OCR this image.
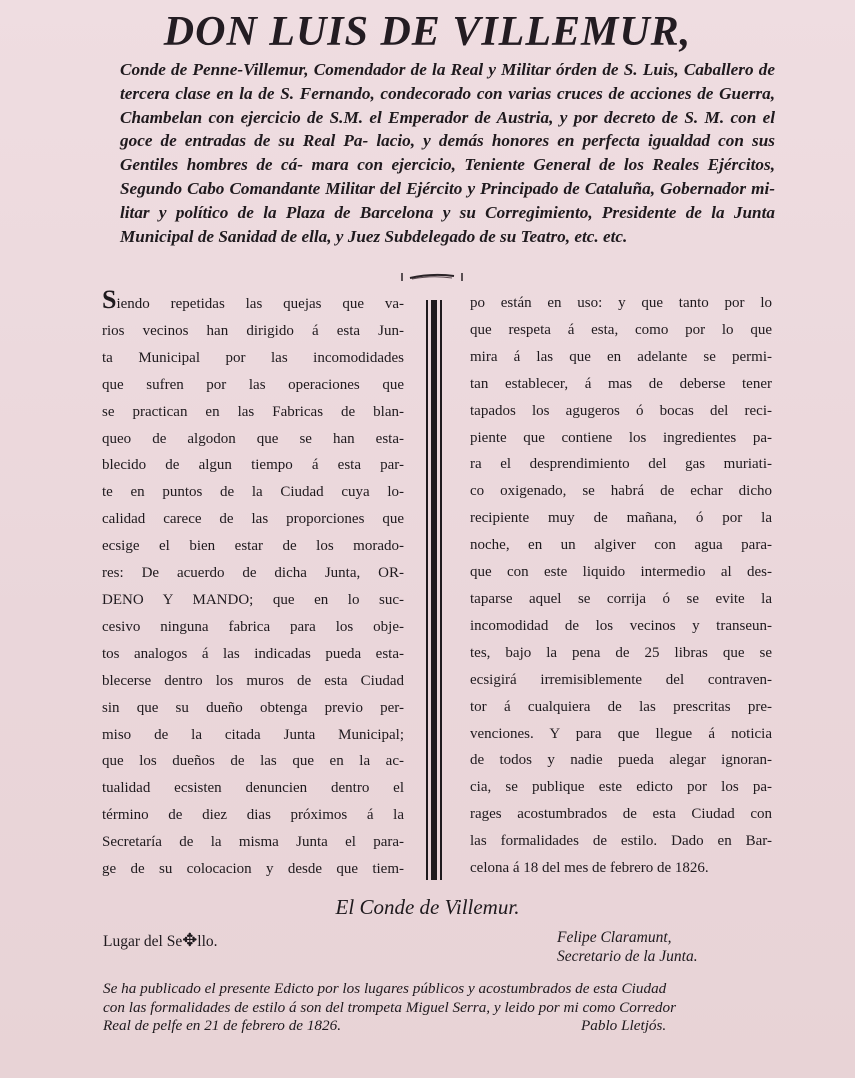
DON LUIS DE VILLEMUR,
Conde de Penne-Villemur, Comendador de la Real y Militar órden de S. Luis, Caballero de tercera clase en la de S. Fernando, condecorado con varias cruces de acciones de Guerra, Chambelan con ejercicio de S.M. el Emperador de Austria, y por decreto de S. M. con el goce de entradas de su Real Pa- lacio, y demás honores en perfecta igualdad con sus Gentiles hombres de cá- mara con ejercicio, Teniente General de los Reales Ejércitos, Segundo Cabo Comandante Militar del Ejército y Principado de Cataluña, Gobernador mi- litar y político de la Plaza de Barcelona y su Corregimiento, Presidente de la Junta Municipal de Sanidad de ella, y Juez Subdelegado de su Teatro, etc. etc.
Siendo repetidas las quejas que va-
rios vecinos han dirigido á esta Jun-
ta Municipal por las incomodidades
que sufren por las operaciones que
se practican en las Fabricas de blan-
queo de algodon que se han esta-
blecido de algun tiempo á esta par-
te en puntos de la Ciudad cuya lo-
calidad carece de las proporciones que
ecsige el bien estar de los morado-
res: De acuerdo de dicha Junta, OR-
DENO Y MANDO; que en lo suc-
cesivo ninguna fabrica para los obje-
tos analogos á las indicadas pueda esta-
blecerse dentro los muros de esta Ciudad
sin que su dueño obtenga previo per-
miso de la citada Junta Municipal;
que los dueños de las que en la ac-
tualidad ecsisten denuncien dentro el
término de diez dias próximos á la
Secretaría de la misma Junta el para-
ge de su colocacion y desde que tiem-
po están en uso: y que tanto por lo
que respeta á esta, como por lo que
mira á las que en adelante se permi-
tan establecer, á mas de deberse tener
tapados los agugeros ó bocas del reci-
piente que contiene los ingredientes pa-
ra el desprendimiento del gas muriati-
co oxigenado, se habrá de echar dicho
recipiente muy de mañana, ó por la
noche, en un algiver con agua para-
que con este liquido intermedio al des-
taparse aquel se corrija ó se evite la
incomodidad de los vecinos y transeun-
tes, bajo la pena de 25 libras que se
ecsigirá irremisiblemente del contraven-
tor á cualquiera de las prescritas pre-
venciones. Y para que llegue á noticia
de todos y nadie pueda alegar ignoran-
cia, se publique este edicto por los pa-
rages acostumbrados de esta Ciudad con
las formalidades de estilo. Dado en Bar-
celona á 18 del mes de febrero de 1826.
El Conde de Villemur.
Lugar del Se✥llo.	Felipe Claramunt,
Secretario de la Junta.
Se ha publicado el presente Edicto por los lugares públicos y acostumbrados de esta Ciudad
con las formalidades de estilo á son del trompeta Miguel Serra, y leido por mi como Corredor
Real de pelfe en 21 de febrero de 1826.	Pablo Lletjós.
